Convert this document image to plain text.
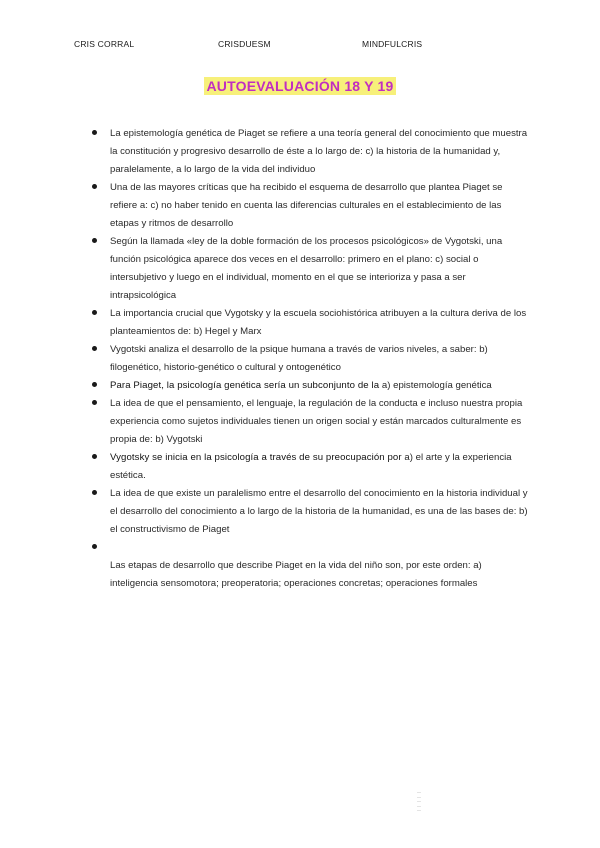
CRIS CORRAL	CRISDUESM	MINDFULCRIS
AUTOEVALUACIÓN 18 Y 19
La epistemología genética de Piaget se refiere a una teoría general del conocimiento que muestra la constitución y progresivo desarrollo de éste a lo largo de: c) la historia de la humanidad y, paralelamente, a lo largo de la vida del individuo
Una de las mayores críticas que ha recibido el esquema de desarrollo que plantea Piaget se refiere a: c) no haber tenido en cuenta las diferencias culturales en el establecimiento de las etapas y ritmos de desarrollo
Según la llamada «ley de la doble formación de los procesos psicológicos» de Vygotski, una función psicológica aparece dos veces en el desarrollo: primero en el plano: c) social o intersubjetivo y luego en el individual, momento en el que se interioriza y pasa a ser intrapsicológica
La importancia crucial que Vygotsky y la escuela sociohistórica atribuyen a la cultura deriva de los planteamientos de: b) Hegel y Marx
Vygotski analiza el desarrollo de la psique humana a través de varios niveles, a saber: b) filogenético, historio-genético o cultural y ontogenético
Para Piaget, la psicología genética sería un subconjunto de la a) epistemología genética
La idea de que el pensamiento, el lenguaje, la regulación de la conducta e incluso nuestra propia experiencia como sujetos individuales tienen un origen social y están marcados culturalmente es propia de: b) Vygotski
Vygotsky se inicia en la psicología a través de su preocupación por a) el arte y la experiencia estética.
La idea de que existe un paralelismo entre el desarrollo del conocimiento en la historia individual y el desarrollo del conocimiento a lo largo de la historia de la humanidad, es una de las bases de: b) el constructivismo de Piaget
Las etapas de desarrollo que describe Piaget en la vida del niño son, por este orden: a) inteligencia sensomotora; preoperatoria; operaciones concretas; operaciones formales
∙∙∙∙
∙∙∙∙
∙∙∙∙
∙∙∙∙
∙∙∙∙
